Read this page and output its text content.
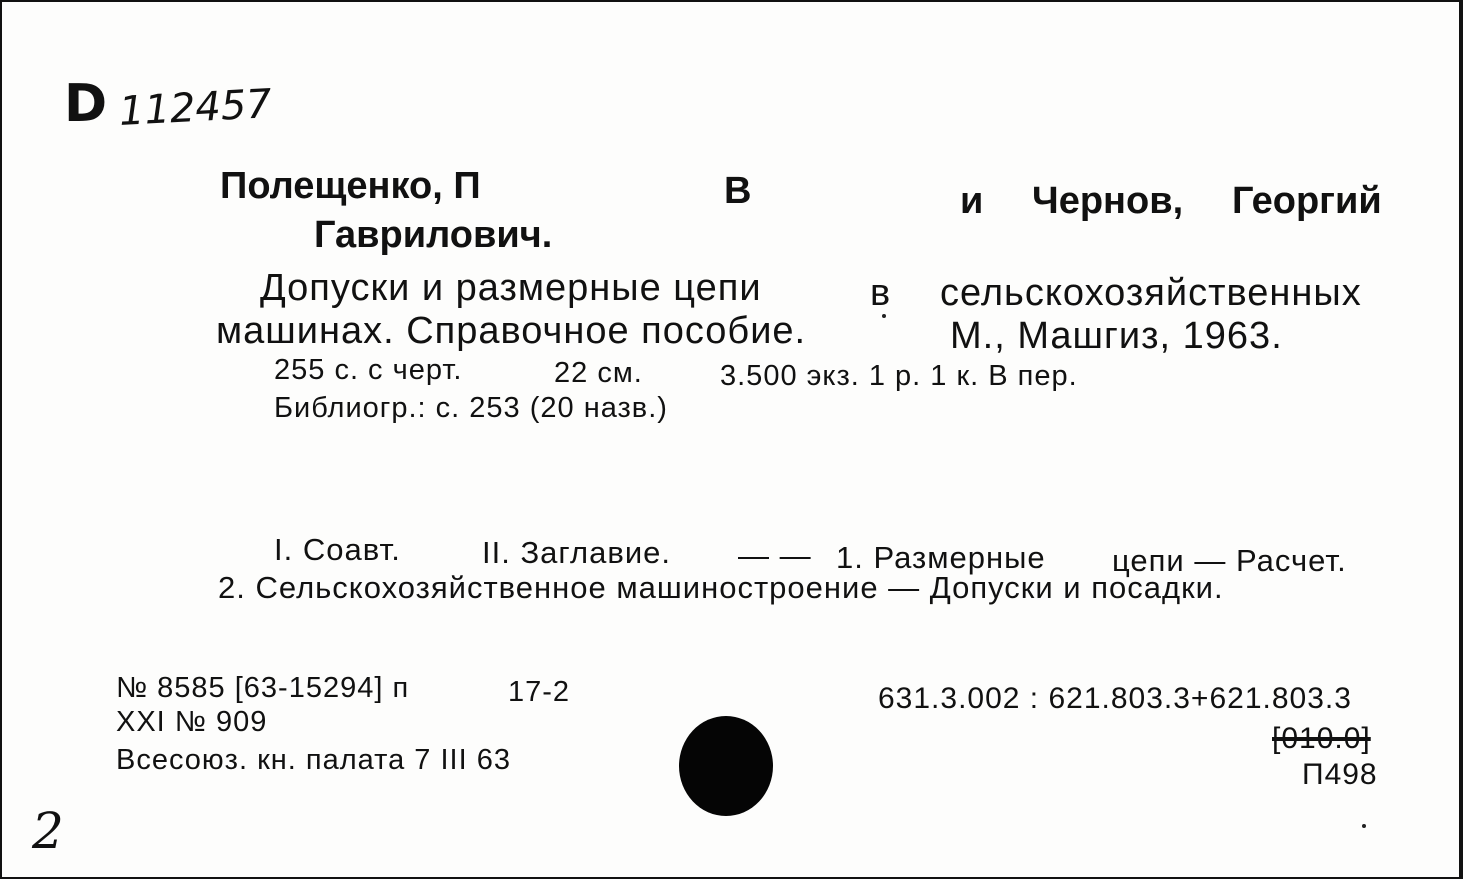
D 112457
Полещенко, П	В	и Чернов, Георгий
Гаврилович.
Допуски и размерные цепи	в сельскохозяйственных
машинах. Справочное пособие.	М., Машгиз, 1963.
255 с. с черт.	22 см.	3.500 экз. 1 р. 1 к. В пер.
Библиогр.: с. 253 (20 назв.)
I. Соавт.	II. Заглавие. — — 1. Размерные цепи — Расчет.
2. Сельскохозяйственное машиностроение — Допуски и посадки.
№ 8585 [63-15294] п	17-2
XXI № 909
Всесоюз. кн. палата 7 III 63
631.3.002 : 621.803.3+621.803.3
[010.0]
П498
2
